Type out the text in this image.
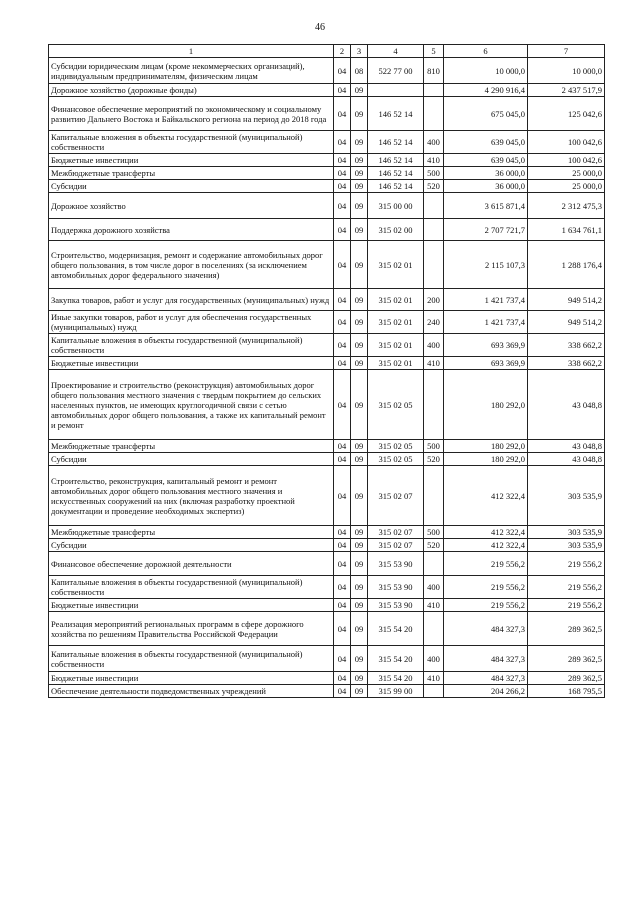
46
1	2	3	4	5	6	7
Субсидии юридическим лицам (кроме некоммерческих организаций), индивидуальным предпринимателям, физическим лицам	04	08	522 77 00	810	10 000,0	10 000,0
Дорожное хозяйство (дорожные фонды)	04	09			4 290 916,4	2 437 517,9
Финансовое обеспечение мероприятий по экономическому и социальному развитию Дальнего Востока и Байкальского региона на период до 2018 года	04	09	146 52 14		675 045,0	125 042,6
Капитальные вложения в объекты государственной (муниципальной) собственности	04	09	146 52 14	400	639 045,0	100 042,6
Бюджетные инвестиции	04	09	146 52 14	410	639 045,0	100 042,6
Межбюджетные трансферты	04	09	146 52 14	500	36 000,0	25 000,0
Субсидии	04	09	146 52 14	520	36 000,0	25 000,0
Дорожное хозяйство	04	09	315 00 00		3 615 871,4	2 312 475,3
Поддержка дорожного хозяйства	04	09	315 02 00		2 707 721,7	1 634 761,1
Строительство, модернизация, ремонт и содержание автомобильных дорог общего пользования, в том числе дорог в поселениях (за исключением автомобильных дорог федерального значения)	04	09	315 02 01		2 115 107,3	1 288 176,4
Закупка товаров, работ и услуг для государственных (муниципальных) нужд	04	09	315 02 01	200	1 421 737,4	949 514,2
Иные закупки товаров, работ и услуг для обеспечения государственных (муниципальных) нужд	04	09	315 02 01	240	1 421 737,4	949 514,2
Капитальные вложения в объекты государственной (муниципальной) собственности	04	09	315 02 01	400	693 369,9	338 662,2
Бюджетные инвестиции	04	09	315 02 01	410	693 369,9	338 662,2
Проектирование и строительство (реконструкция) автомобильных дорог общего пользования местного значения с твердым покрытием до сельских населенных пунктов, не имеющих круглогодичной связи с сетью автомобильных дорог общего пользования, а также их капитальный ремонт и ремонт	04	09	315 02 05		180 292,0	43 048,8
Межбюджетные трансферты	04	09	315 02 05	500	180 292,0	43 048,8
Субсидии	04	09	315 02 05	520	180 292,0	43 048,8
Строительство, реконструкция, капитальный ремонт и ремонт автомобильных дорог общего пользования местного значения и искусственных сооружений на них (включая разработку проектной документации и проведение необходимых экспертиз)	04	09	315 02 07		412 322,4	303 535,9
Межбюджетные трансферты	04	09	315 02 07	500	412 322,4	303 535,9
Субсидии	04	09	315 02 07	520	412 322,4	303 535,9
Финансовое обеспечение дорожной деятельности	04	09	315 53 90		219 556,2	219 556,2
Капитальные вложения в объекты государственной (муниципальной) собственности	04	09	315 53 90	400	219 556,2	219 556,2
Бюджетные инвестиции	04	09	315 53 90	410	219 556,2	219 556,2
Реализация мероприятий региональных программ в сфере дорожного хозяйства по решениям Правительства Российской Федерации	04	09	315 54 20		484 327,3	289 362,5
Капитальные вложения в объекты государственной (муниципальной) собственности	04	09	315 54 20	400	484 327,3	289 362,5
Бюджетные инвестиции	04	09	315 54 20	410	484 327,3	289 362,5
Обеспечение деятельности подведомственных учреждений	04	09	315 99 00		204 266,2	168 795,5
